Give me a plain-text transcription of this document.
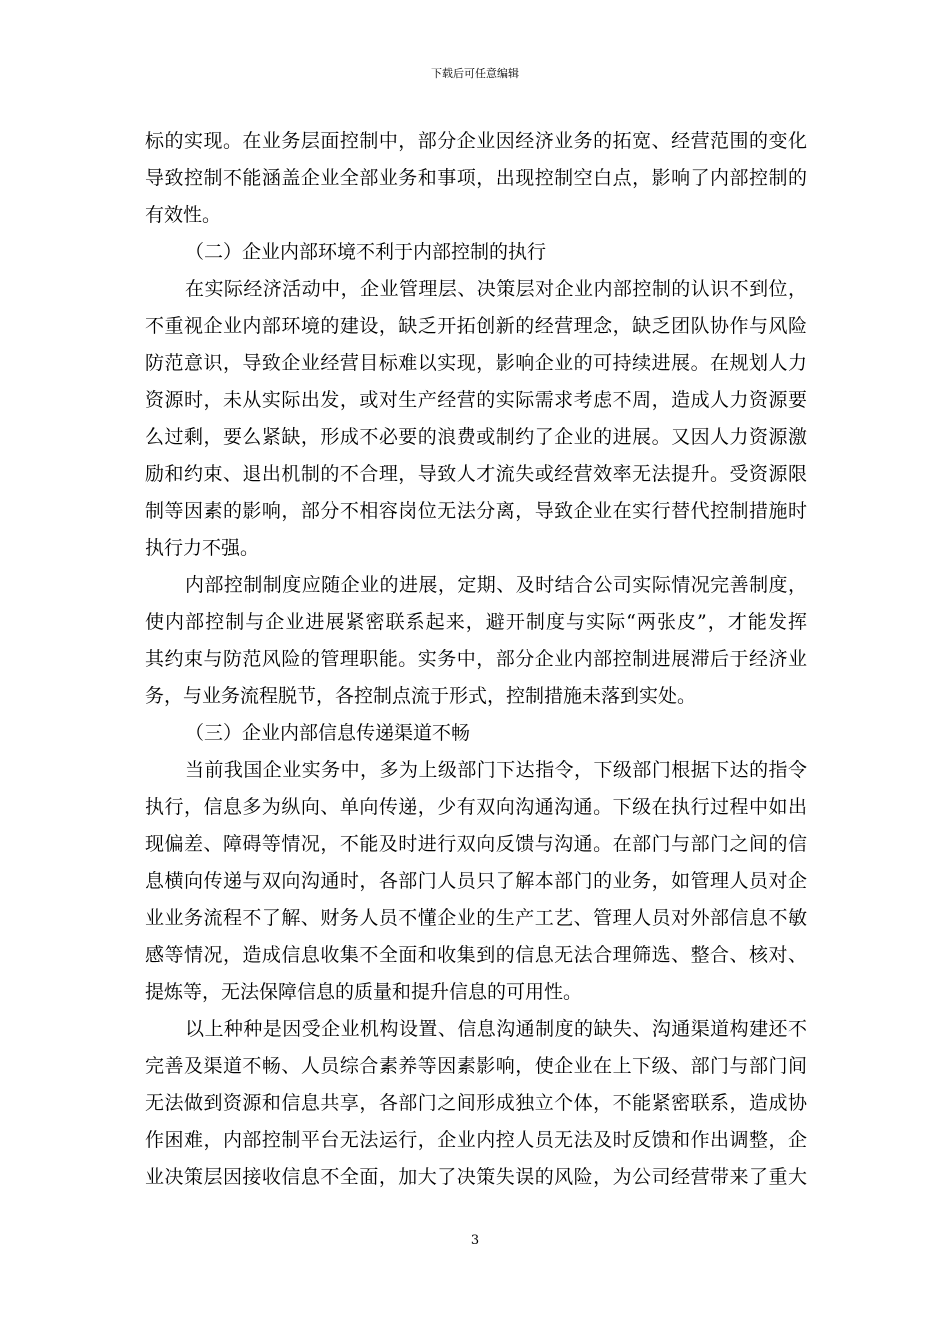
下载后可任意编辑
标的实现。在业务层面控制中，部分企业因经济业务的拓宽、经营范围的变化
导致控制不能涵盖企业全部业务和事项，出现控制空白点，影响了内部控制的
有效性。
（二）企业内部环境不利于内部控制的执行
在实际经济活动中，企业管理层、决策层对企业内部控制的认识不到位，
不重视企业内部环境的建设，缺乏开拓创新的经营理念，缺乏团队协作与风险
防范意识，导致企业经营目标难以实现，影响企业的可持续进展。在规划人力
资源时，未从实际出发，或对生产经营的实际需求考虑不周，造成人力资源要
么过剩，要么紧缺，形成不必要的浪费或制约了企业的进展。又因人力资源激
励和约束、退出机制的不合理，导致人才流失或经营效率无法提升。受资源限
制等因素的影响，部分不相容岗位无法分离，导致企业在实行替代控制措施时
执行力不强。
内部控制制度应随企业的进展，定期、及时结合公司实际情况完善制度，
使内部控制与企业进展紧密联系起来，避开制度与实际“两张皮”，才能发挥
其约束与防范风险的管理职能。实务中，部分企业内部控制进展滞后于经济业
务，与业务流程脱节，各控制点流于形式，控制措施未落到实处。
（三）企业内部信息传递渠道不畅
当前我国企业实务中，多为上级部门下达指令，下级部门根据下达的指令
执行，信息多为纵向、单向传递，少有双向沟通沟通。下级在执行过程中如出
现偏差、障碍等情况，不能及时进行双向反馈与沟通。在部门与部门之间的信
息横向传递与双向沟通时，各部门人员只了解本部门的业务，如管理人员对企
业业务流程不了解、财务人员不懂企业的生产工艺、管理人员对外部信息不敏
感等情况，造成信息收集不全面和收集到的信息无法合理筛选、整合、核对、
提炼等，无法保障信息的质量和提升信息的可用性。
以上种种是因受企业机构设置、信息沟通制度的缺失、沟通渠道构建还不
完善及渠道不畅、人员综合素养等因素影响，使企业在上下级、部门与部门间
无法做到资源和信息共享，各部门之间形成独立个体，不能紧密联系，造成协
作困难，内部控制平台无法运行，企业内控人员无法及时反馈和作出调整，企
业决策层因接收信息不全面，加大了决策失误的风险，为公司经营带来了重大
3
